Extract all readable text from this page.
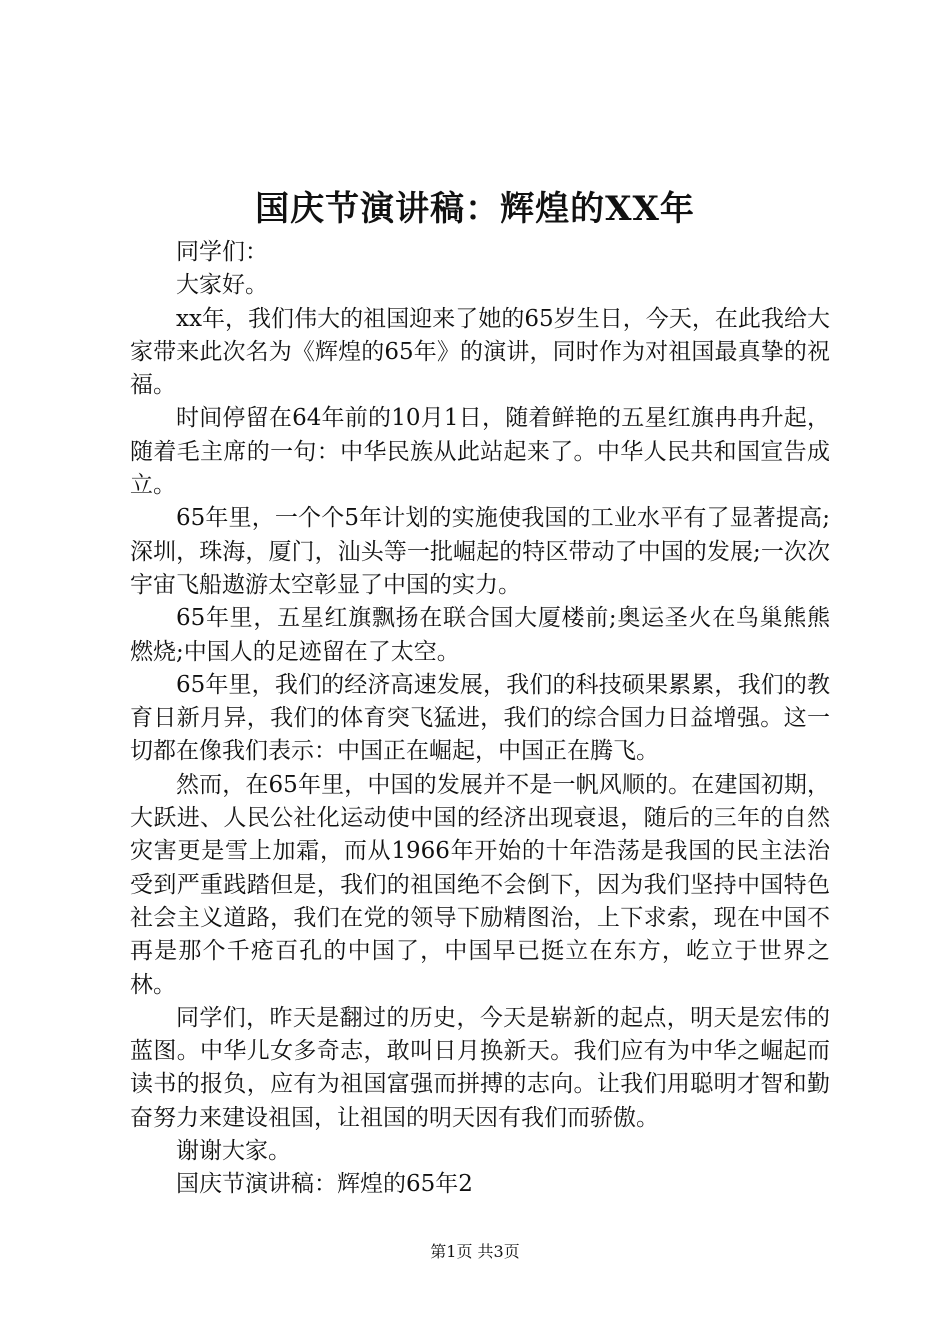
国庆节演讲稿：辉煌的XX年

同学们：

大家好。

xx年，我们伟大的祖国迎来了她的65岁生日，今天，在此我给大家带来此次名为《辉煌的65年》的演讲，同时作为对祖国最真挚的祝福。

时间停留在64年前的10月1日，随着鲜艳的五星红旗冉冉升起，随着毛主席的一句：中华民族从此站起来了。中华人民共和国宣告成立。

65年里，一个个5年计划的实施使我国的工业水平有了显著提高;深圳，珠海，厦门，汕头等一批崛起的特区带动了中国的发展;一次次宇宙飞船遨游太空彰显了中国的实力。

65年里，五星红旗飘扬在联合国大厦楼前;奥运圣火在鸟巢熊熊燃烧;中国人的足迹留在了太空。

65年里，我们的经济高速发展，我们的科技硕果累累，我们的教育日新月异，我们的体育突飞猛进，我们的综合国力日益增强。这一切都在像我们表示：中国正在崛起，中国正在腾飞。

然而，在65年里，中国的发展并不是一帆风顺的。在建国初期，大跃进、人民公社化运动使中国的经济出现衰退，随后的三年的自然灾害更是雪上加霜，而从1966年开始的十年浩荡是我国的民主法治受到严重践踏但是，我们的祖国绝不会倒下，因为我们坚持中国特色社会主义道路，我们在党的领导下励精图治，上下求索，现在中国不再是那个千疮百孔的中国了，中国早已挺立在东方，屹立于世界之林。

同学们，昨天是翻过的历史，今天是崭新的起点，明天是宏伟的蓝图。中华儿女多奇志，敢叫日月换新天。我们应有为中华之崛起而读书的报负，应有为祖国富强而拼搏的志向。让我们用聪明才智和勤奋努力来建设祖国，让祖国的明天因有我们而骄傲。

谢谢大家。

国庆节演讲稿：辉煌的65年2

第1页 共3页
